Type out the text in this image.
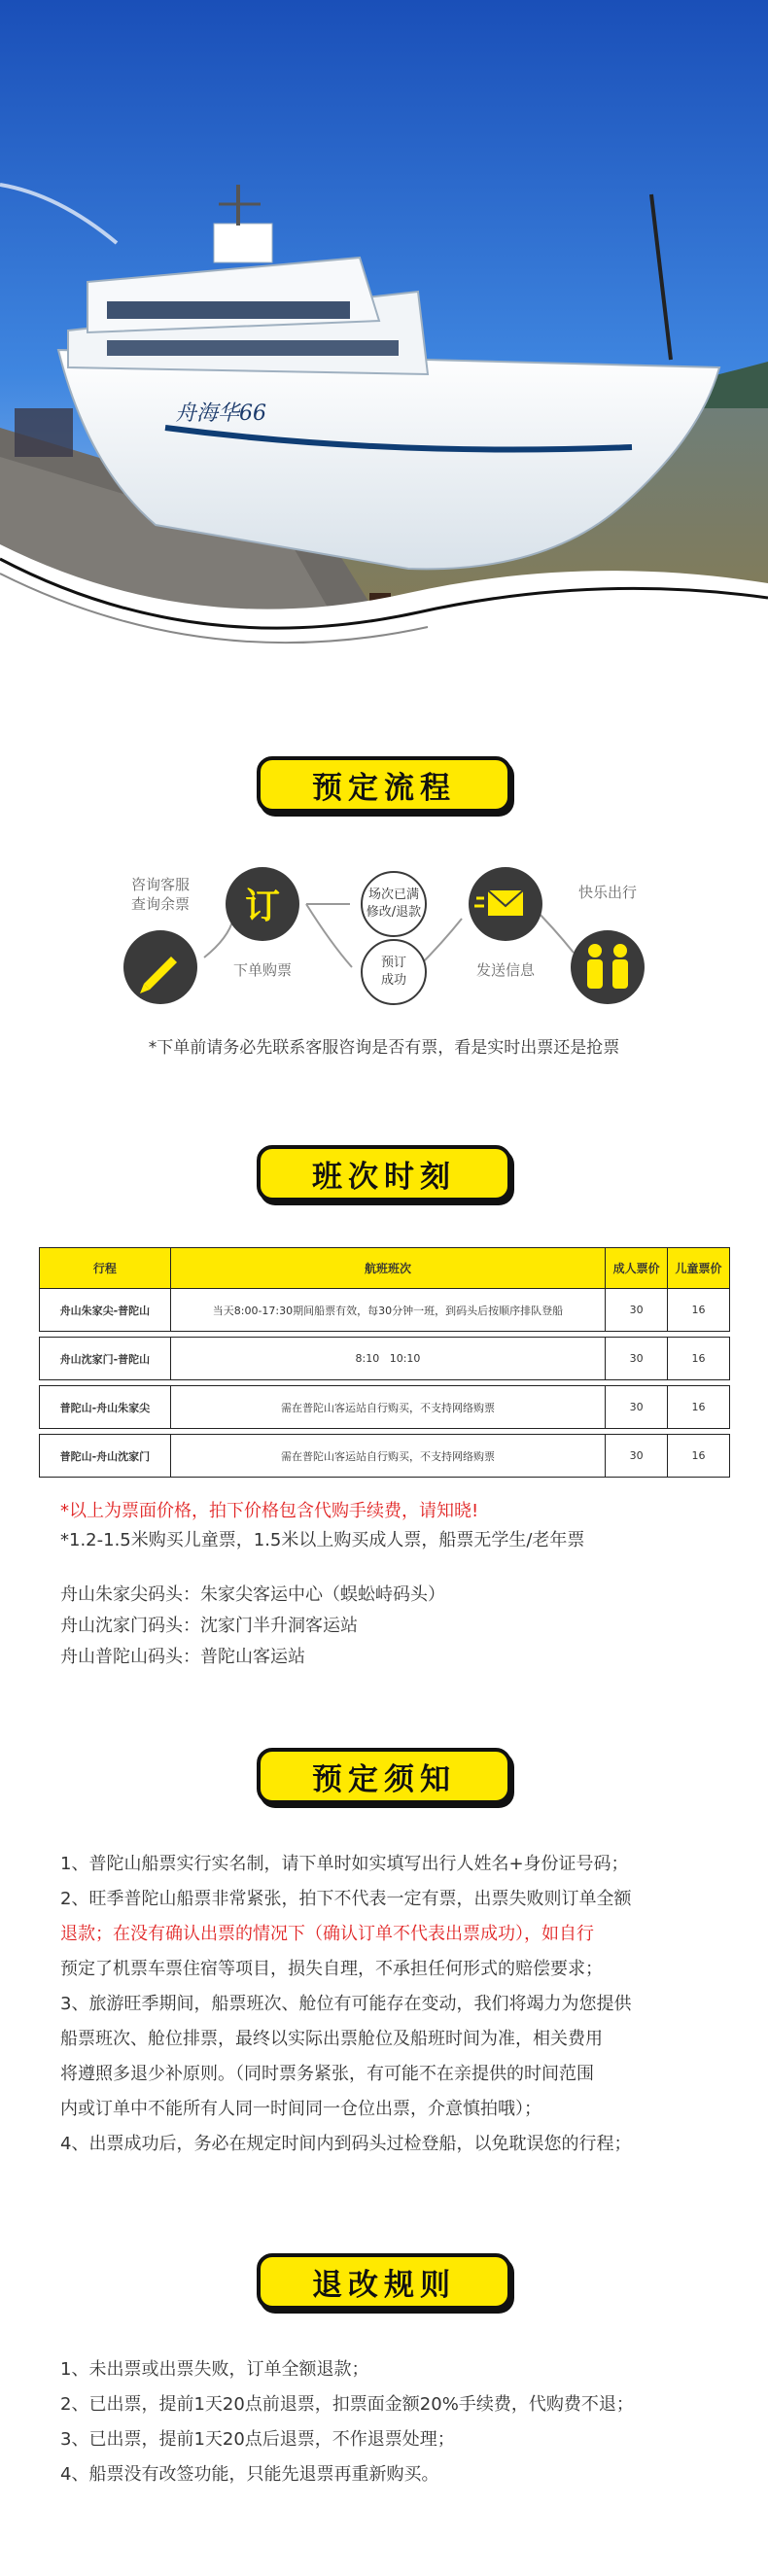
舟海华66
预定流程
订
咨询客服
查询余票
下单购票
场次已满
修改/退款
预订
成功
发送信息
快乐出行
*下单前请务必先联系客服咨询是否有票，看是实时出票还是抢票
班次时刻
行程	航班班次	成人票价	儿童票价
舟山朱家尖-普陀山	当天8:00-17:30期间船票有效，每30分钟一班，到码头后按顺序排队登船	30	16

舟山沈家门-普陀山	8:10   10:10	30	16

普陀山-舟山朱家尖	需在普陀山客运站自行购买，不支持网络购票	30	16

普陀山-舟山沈家门	需在普陀山客运站自行购买，不支持网络购票	30	16

*以上为票面价格，拍下价格包含代购手续费，请知晓!

*1.2-1.5米购买儿童票，1.5米以上购买成人票，船票无学生/老年票

舟山朱家尖码头：朱家尖客运中心（蜈蚣峙码头）

舟山沈家门码头：沈家门半升洞客运站

舟山普陀山码头：普陀山客运站

预定须知

1、普陀山船票实行实名制，请下单时如实填写出行人姓名+身份证号码；

2、旺季普陀山船票非常紧张，拍下不代表一定有票，出票失败则订单全额

退款；在没有确认出票的情况下（确认订单不代表出票成功），如自行

预定了机票车票住宿等项目，损失自理，不承担任何形式的赔偿要求；

3、旅游旺季期间，船票班次、舱位有可能存在变动，我们将竭力为您提供

船票班次、舱位排票，最终以实际出票舱位及船班时间为准，相关费用

将遵照多退少补原则。（同时票务紧张，有可能不在亲提供的时间范围

内或订单中不能所有人同一时间同一仓位出票，介意慎拍哦）；

4、出票成功后，务必在规定时间内到码头过检登船，以免耽误您的行程；

退改规则

1、未出票或出票失败，订单全额退款；

2、已出票，提前1天20点前退票，扣票面金额20%手续费，代购费不退；

3、已出票，提前1天20点后退票，不作退票处理；

4、船票没有改签功能，只能先退票再重新购买。
